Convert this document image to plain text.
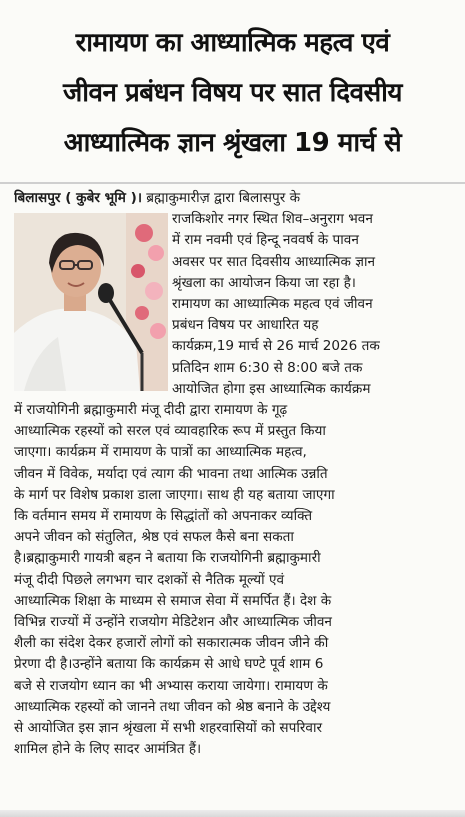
रामायण का आध्यात्मिक महत्व एवं
जीवन प्रबंधन विषय पर सात दिवसीय
आध्यात्मिक ज्ञान श्रृंखला 19 मार्च से
बिलासपुर ( कुबेर भूमि )। ब्रह्माकुमारीज़ द्वारा बिलासपुर के
राजकिशोर नगर स्थित शिव–अनुराग भवन
में राम नवमी एवं हिन्दू नववर्ष के पावन
अवसर पर सात दिवसीय आध्यात्मिक ज्ञान
श्रृंखला का आयोजन किया जा रहा है।
रामायण का आध्यात्मिक महत्व एवं जीवन
प्रबंधन विषय पर आधारित यह
कार्यक्रम,19 मार्च से 26 मार्च 2026 तक
प्रतिदिन शाम 6:30 से 8:00 बजे तक
आयोजित होगा इस आध्यात्मिक कार्यक्रम
में राजयोगिनी ब्रह्माकुमारी मंजू दीदी द्वारा रामायण के गूढ़
आध्यात्मिक रहस्यों को सरल एवं व्यावहारिक रूप में प्रस्तुत किया
जाएगा। कार्यक्रम में रामायण के पात्रों का आध्यात्मिक महत्व,
जीवन में विवेक, मर्यादा एवं त्याग की भावना तथा आत्मिक उन्नति
के मार्ग पर विशेष प्रकाश डाला जाएगा। साथ ही यह बताया जाएगा
कि वर्तमान समय में रामायण के सिद्धांतों को अपनाकर व्यक्ति
अपने जीवन को संतुलित, श्रेष्ठ एवं सफल कैसे बना सकता
है।ब्रह्माकुमारी गायत्री बहन ने बताया कि राजयोगिनी ब्रह्माकुमारी
मंजू दीदी पिछले लगभग चार दशकों से नैतिक मूल्यों एवं
आध्यात्मिक शिक्षा के माध्यम से समाज सेवा में समर्पित हैं। देश के
विभिन्न राज्यों में उन्होंने राजयोग मेडिटेशन और आध्यात्मिक जीवन
शैली का संदेश देकर हजारों लोगों को सकारात्मक जीवन जीने की
प्रेरणा दी है।उन्होंने बताया कि कार्यक्रम से आधे घण्टे पूर्व शाम 6
बजे से राजयोग ध्यान का भी अभ्यास कराया जायेगा। रामायण के
आध्यात्मिक रहस्यों को जानने तथा जीवन को श्रेष्ठ बनाने के उद्देश्य
से आयोजित इस ज्ञान श्रृंखला में सभी शहरवासियों को सपरिवार
शामिल होने के लिए सादर आमंत्रित हैं।
